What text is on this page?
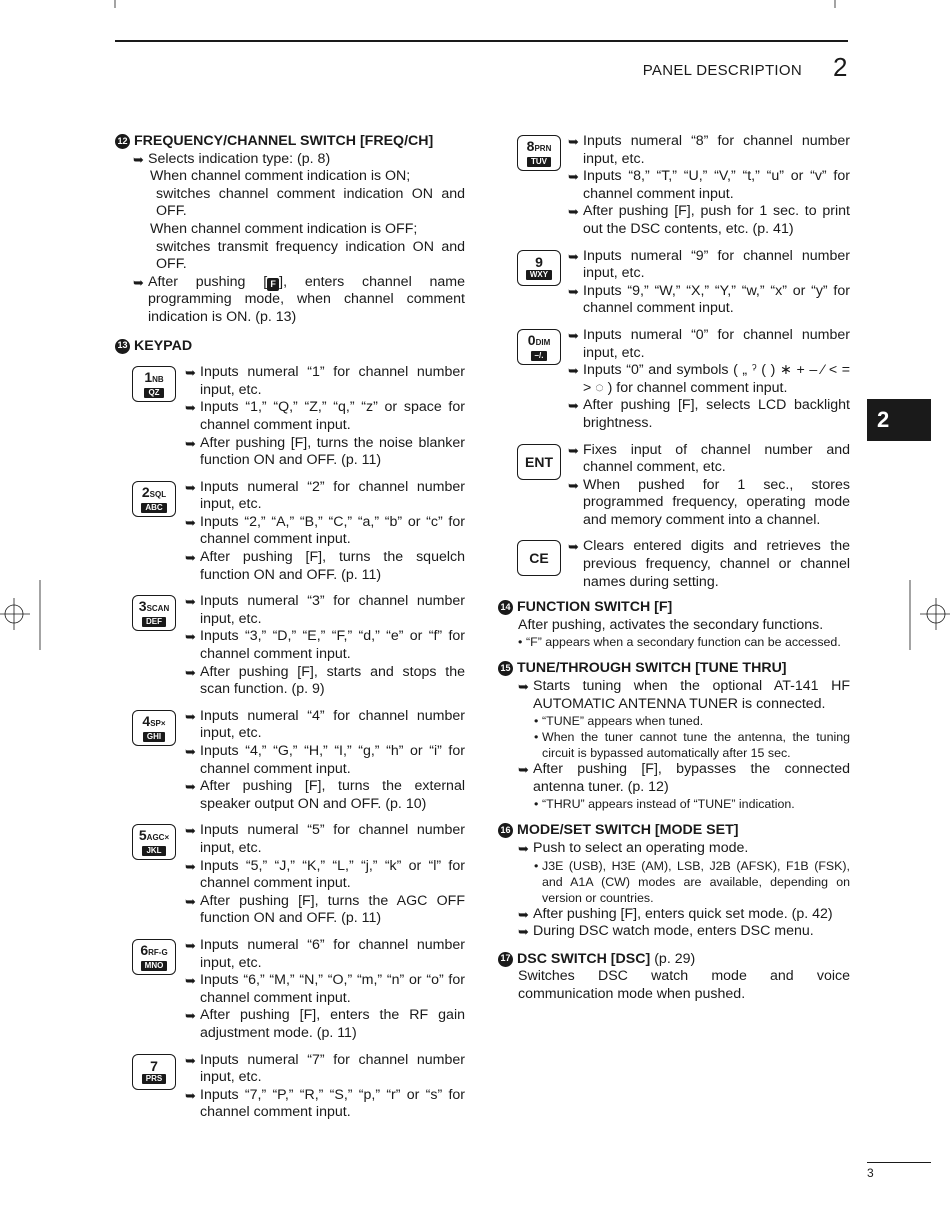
PANEL DESCRIPTION 2
2
3
12 FREQUENCY/CHANNEL SWITCH [FREQ/CH]
➥ Selects indication type: (p. 8)

When channel comment indication is ON;

switches channel comment indication ON and OFF.

When channel comment indication is OFF;

switches transmit frequency indication ON and OFF.

➥ After pushing [ F ], enters channel name programming mode, when channel comment indication is ON. (p. 13)
13 KEYPAD
1NB
QZ
➥ Inputs numeral “1” for channel number input, etc.
➥ Inputs “1,” “Q,” “Z,” “q,” “z” or space for channel comment input.
➥ After pushing [F], turns the noise blanker function ON and OFF. (p. 11)
2SQL
ABC
➥ Inputs numeral “2” for channel number input, etc.
➥ Inputs “2,” “A,” “B,” “C,” “a,” “b” or “c” for channel comment input.
➥ After pushing [F], turns the squelch function ON and OFF. (p. 11)
3SCAN
DEF
➥ Inputs numeral “3” for channel number input, etc.
➥ Inputs “3,” “D,” “E,” “F,” “d,” “e” or “f” for channel comment input.
➥ After pushing [F], starts and stops the scan function. (p. 9)
4SP×
GHI
➥ Inputs numeral “4” for channel number input, etc.
➥ Inputs “4,” “G,” “H,” “I,” “g,” “h” or “i” for channel comment input.
➥ After pushing [F], turns the external speaker output ON and OFF. (p. 10)
5AGC×
JKL
➥ Inputs numeral “5” for channel number input, etc.
➥ Inputs “5,” “J,” “K,” “L,” “j,” “k” or “l” for channel comment input.
➥ After pushing [F], turns the AGC OFF function ON and OFF. (p. 11)
6RF-G
MNO
➥ Inputs numeral “6” for channel number input, etc.
➥ Inputs “6,” “M,” “N,” “O,” “m,” “n” or “o” for channel comment input.
➥ After pushing [F], enters the RF gain adjustment mode. (p. 11)
7
PRS
➥ Inputs numeral “7” for channel number input, etc.
➥ Inputs “7,” “P,” “R,” “S,” “p,” “r” or “s” for channel comment input.
8PRN
TUV
➥ Inputs numeral “8” for channel number input, etc.
➥ Inputs “8,” “T,” “U,” “V,” “t,” “u” or “v” for channel comment input.
➥ After pushing [F], push for 1 sec. to print out the DSC contents, etc. (p. 41)
9
WXY
➥ Inputs numeral “9” for channel number input, etc.
➥ Inputs “9,” “W,” “X,” “Y,” “w,” “x” or “y” for channel comment input.
0DIM
–/.
➥ Inputs numeral “0” for channel number input, etc.
➥ Inputs “0” and symbols ( „ ˀ ( ) ∗ + – ⁄ < = > ◌ ) for channel comment input.
➥ After pushing [F], selects LCD backlight brightness.
ENT
➥ Fixes input of channel number and channel comment, etc.
➥ When pushed for 1 sec., stores programmed frequency, operating mode and memory comment into a channel.
CE
➥ Clears entered digits and retrieves the previous frequency, channel or channel names during setting.
14 FUNCTION SWITCH [F]

After pushing, activates the secondary functions.

• “F” appears when a secondary function can be accessed.
15 TUNE/THROUGH SWITCH [TUNE THRU]
➥ Starts tuning when the optional AT-141 HF AUTOMATIC ANTENNA TUNER is connected.
• “TUNE” appears when tuned.
• When the tuner cannot tune the antenna, the tuning circuit is bypassed automatically after 15 sec.
➥ After pushing [F], bypasses the connected antenna tuner. (p. 12)
• “THRU” appears instead of “TUNE” indication.
16 MODE/SET SWITCH [MODE SET]
➥ Push to select an operating mode.
• J3E (USB), H3E (AM), LSB, J2B (AFSK), F1B (FSK), and A1A (CW) modes are available, depending on version or countries.
➥ After pushing [F], enters quick set mode. (p. 42)
➥ During DSC watch mode, enters DSC menu.
17 DSC SWITCH [DSC] (p. 29)

Switches DSC watch mode and voice communication mode when pushed.
